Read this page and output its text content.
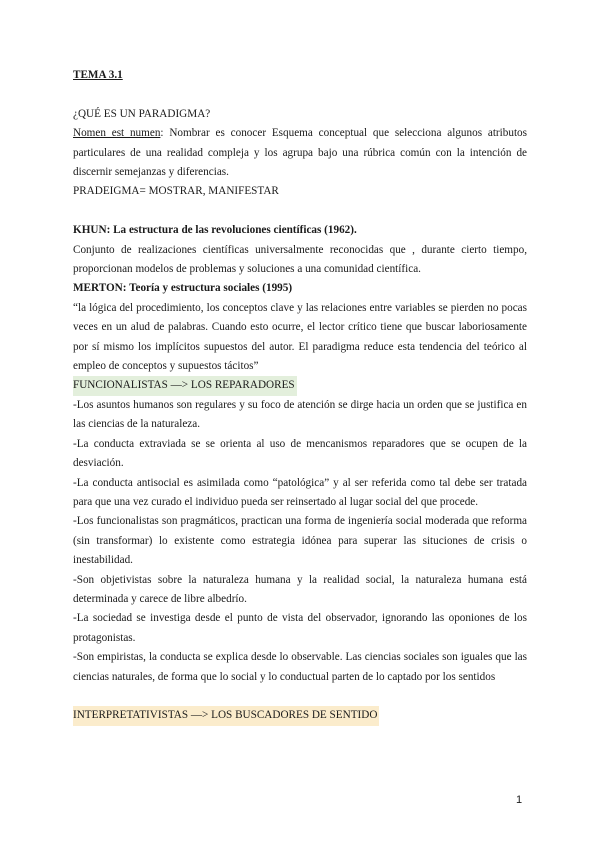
TEMA 3.1

¿QUÉ ES UN PARADIGMA?

Nomen est numen: Nombrar es conocer Esquema conceptual que selecciona algunos atributos particulares de una realidad compleja y los agrupa bajo una rúbrica común con la intención de discernir semejanzas y diferencias.

PRADEIGMA= MOSTRAR, MANIFESTAR

KHUN: La estructura de las revoluciones científicas (1962).

Conjunto de realizaciones científicas universalmente reconocidas que , durante cierto tiempo, proporcionan modelos de problemas y soluciones a una comunidad científica.

MERTON: Teoría y estructura sociales (1995)

“la lógica del procedimiento, los conceptos clave y las relaciones entre variables se pierden no pocas veces en un alud de palabras. Cuando esto ocurre, el lector crítico tiene que buscar laboriosamente por sí mismo los implícitos supuestos del autor. El paradigma reduce esta tendencia del teórico al empleo de conceptos y supuestos tácitos”

FUNCIONALISTAS —> LOS REPARADORES

-Los asuntos humanos son regulares y su foco de atención se dirge hacia un orden que se justifica en las ciencias de la naturaleza.

-La conducta extraviada se se orienta al uso de mencanismos reparadores que se ocupen de la desviación.

-La conducta antisocial es asimilada como “patológica” y al ser referida como tal debe ser tratada para que una vez curado el individuo pueda ser reinsertado al lugar social del que procede.

-Los funcionalistas son pragmáticos, practican una forma de ingeniería social moderada que reforma (sin transformar) lo existente como estrategia idónea para superar las situciones de crisis o inestabilidad.

-Son objetivistas sobre la naturaleza humana y la realidad social, la naturaleza humana está determinada y carece de libre albedrío.

-La sociedad se investiga desde el punto de vista del observador, ignorando las oponiones de los protagonistas.

-Son empiristas, la conducta se explica desde lo observable. Las ciencias sociales son iguales que las ciencias naturales, de forma que lo social y lo conductual parten de lo captado por los sentidos

INTERPRETATIVISTAS —> LOS BUSCADORES DE SENTIDO

1
